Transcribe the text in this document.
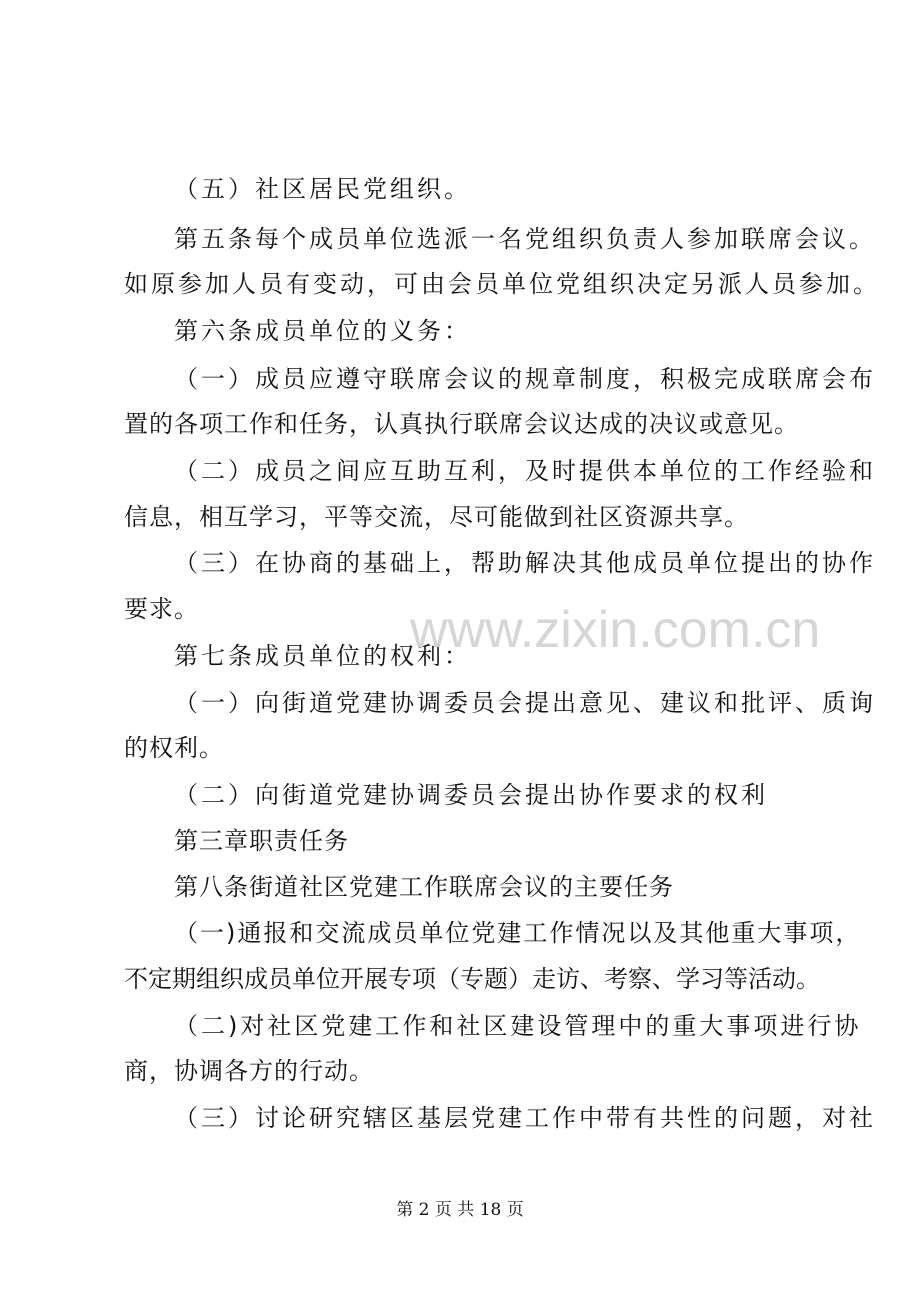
（五）社区居民党组织。
第五条每个成员单位选派一名党组织负责人参加联席会议。
如原参加人员有变动，可由会员单位党组织决定另派人员参加。
第六条成员单位的义务：
（一）成员应遵守联席会议的规章制度，积极完成联席会布
置的各项工作和任务，认真执行联席会议达成的决议或意见。
（二）成员之间应互助互利，及时提供本单位的工作经验和
信息，相互学习，平等交流，尽可能做到社区资源共享。
（三）在协商的基础上，帮助解决其他成员单位提出的协作
要求。
第七条成员单位的权利：
（一）向街道党建协调委员会提出意见、建议和批评、质询
的权利。
（二）向街道党建协调委员会提出协作要求的权利
第三章职责任务
第八条街道社区党建工作联席会议的主要任务
（一)通报和交流成员单位党建工作情况以及其他重大事项，
不定期组织成员单位开展专项（专题）走访、考察、学习等活动。
（二)对社区党建工作和社区建设管理中的重大事项进行协
商，协调各方的行动。
（三）讨论研究辖区基层党建工作中带有共性的问题，对社
www.zixin.com.cn
第 2 页 共 18 页
